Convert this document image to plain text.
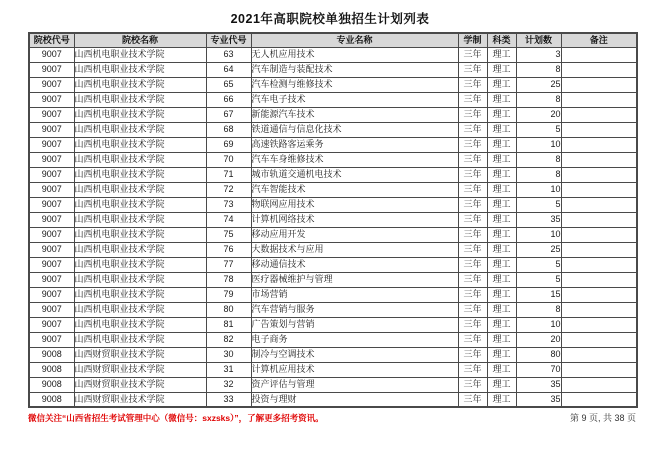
2021年高职院校单独招生计划列表
院校代号	院校名称	专业代号	专业名称	学制	科类	计划数	备注
9007	山西机电职业技术学院	63	无人机应用技术	三年	理工	3	
9007	山西机电职业技术学院	64	汽车制造与装配技术	三年	理工	8	
9007	山西机电职业技术学院	65	汽车检测与维修技术	三年	理工	25	
9007	山西机电职业技术学院	66	汽车电子技术	三年	理工	8	
9007	山西机电职业技术学院	67	新能源汽车技术	三年	理工	20	
9007	山西机电职业技术学院	68	铁道通信与信息化技术	三年	理工	5	
9007	山西机电职业技术学院	69	高速铁路客运乘务	三年	理工	10	
9007	山西机电职业技术学院	70	汽车车身维修技术	三年	理工	8	
9007	山西机电职业技术学院	71	城市轨道交通机电技术	三年	理工	8	
9007	山西机电职业技术学院	72	汽车智能技术	三年	理工	10	
9007	山西机电职业技术学院	73	物联网应用技术	三年	理工	5	
9007	山西机电职业技术学院	74	计算机网络技术	三年	理工	35	
9007	山西机电职业技术学院	75	移动应用开发	三年	理工	10	
9007	山西机电职业技术学院	76	大数据技术与应用	三年	理工	25	
9007	山西机电职业技术学院	77	移动通信技术	三年	理工	5	
9007	山西机电职业技术学院	78	医疗器械维护与管理	三年	理工	5	
9007	山西机电职业技术学院	79	市场营销	三年	理工	15	
9007	山西机电职业技术学院	80	汽车营销与服务	三年	理工	8	
9007	山西机电职业技术学院	81	广告策划与营销	三年	理工	10	
9007	山西机电职业技术学院	82	电子商务	三年	理工	20	
9008	山西财贸职业技术学院	30	制冷与空调技术	三年	理工	80	
9008	山西财贸职业技术学院	31	计算机应用技术	三年	理工	70	
9008	山西财贸职业技术学院	32	资产评估与管理	三年	理工	35	
9008	山西财贸职业技术学院	33	投资与理财	三年	理工	35	
微信关注“山西省招生考试管理中心（微信号：sxzsks）”，了解更多招考资讯。	第 9 页, 共 38 页
